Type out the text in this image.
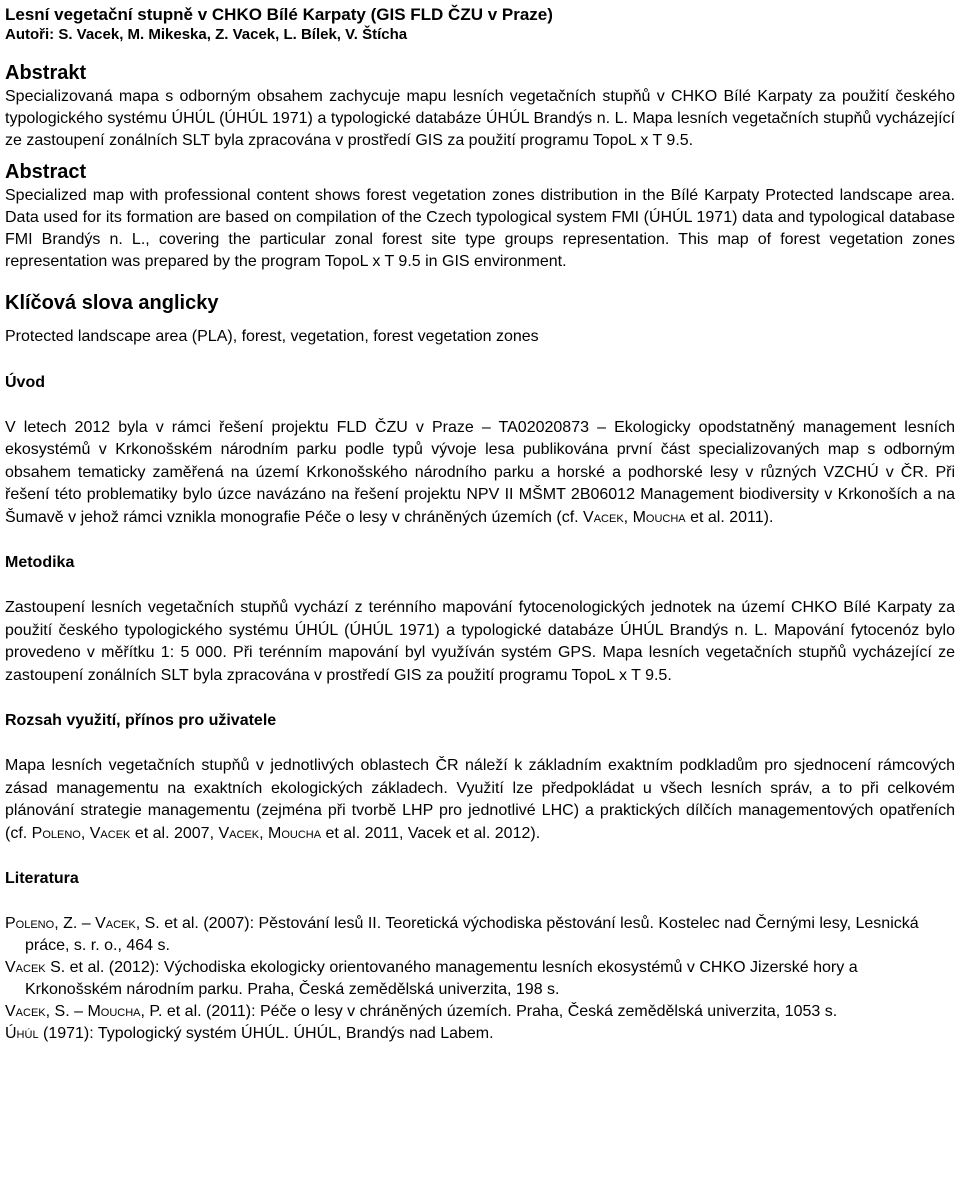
Lesní vegetační stupně v CHKO Bílé Karpaty (GIS FLD ČZU v Praze)

Autoři: S. Vacek, M. Mikeska, Z. Vacek, L. Bílek, V. Štícha

Abstrakt

Specializovaná mapa s odborným obsahem zachycuje mapu lesních vegetačních stupňů v CHKO Bílé Karpaty za použití českého typologického systému ÚHÚL (ÚHÚL 1971) a typologické databáze ÚHÚL Brandýs n. L. Mapa lesních vegetačních stupňů vycházející ze zastoupení zonálních SLT byla zpracována v prostředí GIS za použití programu TopoL x T 9.5.

Abstract

Specialized map with professional content shows forest vegetation zones distribution in the Bílé Karpaty Protected landscape area. Data used for its formation are based on compilation of the Czech typological system FMI (ÚHÚL 1971) data and typological database FMI Brandýs n. L., covering the particular zonal forest site type groups representation. This map of forest vegetation zones representation was prepared by the program TopoL x T 9.5 in GIS environment.

Klíčová slova anglicky

Protected landscape area (PLA), forest, vegetation, forest vegetation zones

Úvod

V letech 2012 byla v rámci řešení projektu FLD ČZU v Praze – TA02020873 – Ekologicky opodstatněný management lesních ekosystémů v Krkonošském národním parku podle typů vývoje lesa publikována první část specializovaných map s odborným obsahem tematicky zaměřená na území Krkonošského národního parku a horské a podhorské lesy v různých VZCHÚ v ČR. Při řešení této problematiky bylo úzce navázáno na řešení projektu NPV II MŠMT 2B06012 Management biodiversity v Krkonoších a na Šumavě v jehož rámci vznikla monografie Péče o lesy v chráněných územích (cf. Vacek, Moucha et al. 2011).

Metodika

Zastoupení lesních vegetačních stupňů vychází z terénního mapování fytocenologických jednotek na území CHKO Bílé Karpaty za použití českého typologického systému ÚHÚL (ÚHÚL 1971) a typologické databáze ÚHÚL Brandýs n. L. Mapování fytocenóz bylo provedeno v měřítku 1: 5 000. Při terénním mapování byl využíván systém GPS. Mapa lesních vegetačních stupňů vycházející ze zastoupení zonálních SLT byla zpracována v prostředí GIS za použití programu TopoL x T 9.5.

Rozsah využití, přínos pro uživatele

Mapa lesních vegetačních stupňů v jednotlivých oblastech ČR náleží k základním exaktním podkladům pro sjednocení rámcových zásad managementu na exaktních ekologických základech. Využití lze předpokládat u všech lesních správ, a to při celkovém plánování strategie managementu (zejména při tvorbě LHP pro jednotlivé LHC) a praktických dílčích managementových opatřeních (cf. Poleno, Vacek et al. 2007, Vacek, Moucha et al. 2011, Vacek et al. 2012).

Literatura

Poleno, Z. – Vacek, S. et al. (2007): Pěstování lesů II. Teoretická východiska pěstování lesů. Kostelec nad Černými lesy, Lesnická práce, s. r. o., 464 s.

Vacek S. et al. (2012): Východiska ekologicky orientovaného managementu lesních ekosystémů v CHKO Jizerské hory a Krkonošském národním parku. Praha, Česká zemědělská univerzita, 198 s.

Vacek, S. – Moucha, P. et al. (2011): Péče o lesy v chráněných územích. Praha, Česká zemědělská univerzita, 1053 s.

Úhúl (1971): Typologický systém ÚHÚL. ÚHÚL, Brandýs nad Labem.
